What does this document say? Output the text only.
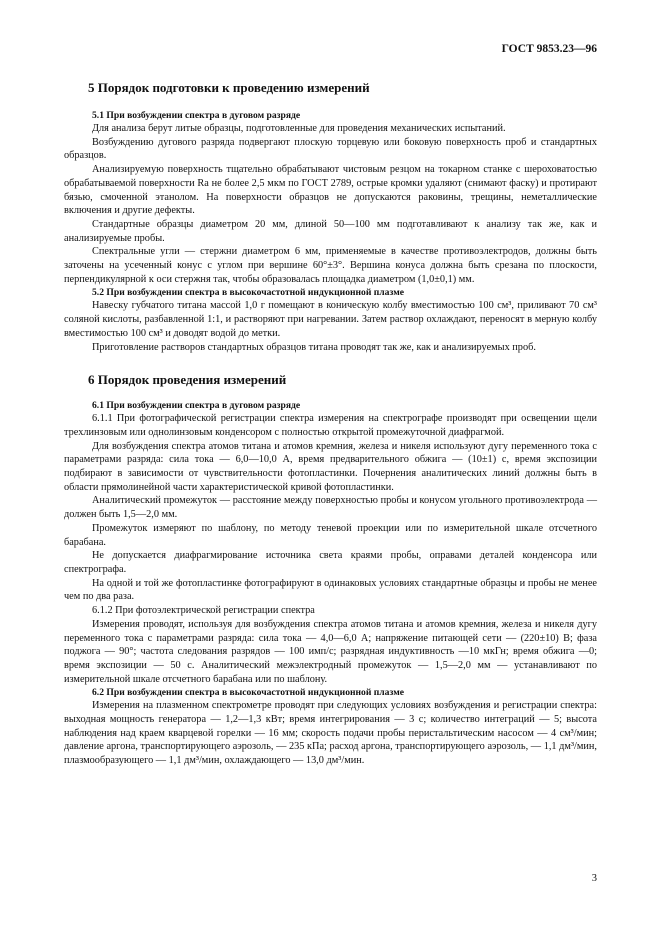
ГОСТ 9853.23—96
5 Порядок подготовки к проведению измерений
5.1 При возбуждении спектра в дуговом разряде

Для анализа берут литые образцы, подготовленные для проведения механических испытаний.

Возбуждению дугового разряда подвергают плоскую торцевую или боковую поверхность проб и стандартных образцов.

Анализируемую поверхность тщательно обрабатывают чистовым резцом на токарном станке с шероховатостью обрабатываемой поверхности Ra не более 2,5 мкм по ГОСТ 2789, острые кромки удаляют (снимают фаску) и протирают бязью, смоченной этанолом. На поверхности образцов не допускаются раковины, трещины, неметаллические включения и другие дефекты.

Стандартные образцы диаметром 20 мм, длиной 50—100 мм подготавливают к анализу так же, как и анализируемые пробы.

Спектральные угли — стержни диаметром 6 мм, применяемые в качестве противоэлектродов, должны быть заточены на усеченный конус с углом при вершине 60°±3°. Вершина конуса должна быть срезана по плоскости, перпендикулярной к оси стержня так, чтобы образовалась площадка диаметром (1,0±0,1) мм.

5.2 При возбуждении спектра в высокочастотной индукционной плазме

Навеску губчатого титана массой 1,0 г помещают в коническую колбу вместимостью 100 см³, приливают 70 см³ соляной кислоты, разбавленной 1:1, и растворяют при нагревании. Затем раствор охлаждают, переносят в мерную колбу вместимостью 100 см³ и доводят водой до метки.

Приготовление растворов стандартных образцов титана проводят так же, как и анализируемых проб.

6 Порядок проведения измерений
6.1 При возбуждении спектра в дуговом разряде

6.1.1 При фотографической регистрации спектра измерения на спектрографе производят при освещении щели трехлинзовым или однолинзовым конденсором с полностью открытой промежуточной диафрагмой.

Для возбуждения спектра атомов титана и атомов кремния, железа и никеля используют дугу переменного тока с параметрами разряда: сила тока — 6,0—10,0 А, время предварительного обжига — (10±1) с, время экспозиции подбирают в зависимости от чувствительности фотопластинки. Почернения аналитических линий должны быть в области прямолинейной части характеристической кривой фотопластинки.

Аналитический промежуток — расстояние между поверхностью пробы и конусом угольного противоэлектрода — должен быть 1,5—2,0 мм.

Промежуток измеряют по шаблону, по методу теневой проекции или по измерительной шкале отсчетного барабана.

Не допускается диафрагмирование источника света краями пробы, оправами деталей конденсора или спектрографа.

На одной и той же фотопластинке фотографируют в одинаковых условиях стандартные образцы и пробы не менее чем по два раза.

6.1.2 При фотоэлектрической регистрации спектра

Измерения проводят, используя для возбуждения спектра атомов титана и атомов кремния, железа и никеля дугу переменного тока с параметрами разряда: сила тока — 4,0—6,0 А; напряжение питающей сети — (220±10) В; фаза поджога — 90°; частота следования разрядов — 100 имп/с; разрядная индуктивность —10 мкГн; время обжига —0; время экспозиции — 50 с. Аналитический межэлектродный промежуток — 1,5—2,0 мм — устанавливают по измерительной шкале отсчетного барабана или по шаблону.

6.2 При возбуждении спектра в высокочастотной индукционной плазме

Измерения на плазменном спектрометре проводят при следующих условиях возбуждения и регистрации спектра: выходная мощность генератора — 1,2—1,3 кВт; время интегрирования — 3 с; количество интеграций — 5; высота наблюдения над краем кварцевой горелки — 16 мм; скорость подачи пробы перистальтическим насосом — 4 см³/мин; давление аргона, транспортирующего аэрозоль, — 235 кПа; расход аргона, транспортирующего аэрозоль, — 1,1 дм³/мин, плазмообразующего — 1,1 дм³/мин, охлаждающего — 13,0 дм³/мин.

3
